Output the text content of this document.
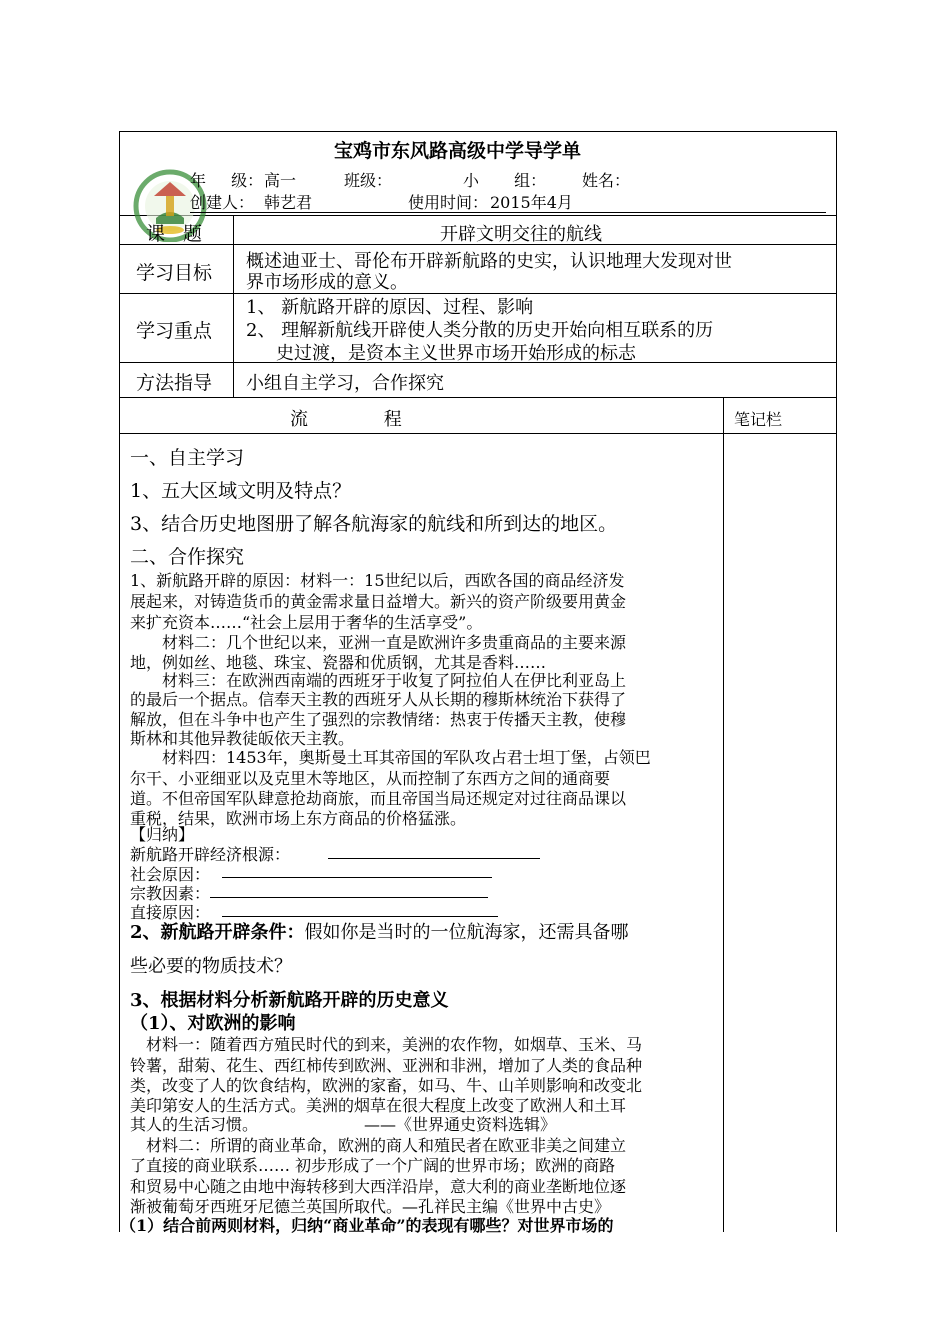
宝鸡市东风路高级中学导学单
年 级： 高一	班级：	小 组： 姓名：
创建人： 韩艺君	使用时间： 2015年4月
课 题	开辟文明交往的航线
学习目标
概述迪亚士、哥伦布开辟新航路的史实，认识地理大发现对世
界市场形成的意义。
学习重点
1、 新航路开辟的原因、过程、影响
2、 理解新航线开辟使人类分散的历史开始向相互联系的历
史过渡，是资本主义世界市场开始形成的标志
方法指导 小组自主学习，合作探究
流 程	笔记栏
一、自主学习
1、五大区域文明及特点？
3、结合历史地图册了解各航海家的航线和所到达的地区。
二、合作探究
1、新航路开辟的原因：材料一：15世纪以后，西欧各国的商品经济发
展起来，对铸造货币的黄金需求量日益增大。新兴的资产阶级要用黄金
来扩充资本……“社会上层用于奢华的生活享受”。
材料二：几个世纪以来，亚洲一直是欧洲许多贵重商品的主要来源
地，例如丝、地毯、珠宝、瓷器和优质钢，尤其是香料……
材料三：在欧洲西南端的西班牙于收复了阿拉伯人在伊比利亚岛上
的最后一个据点。信奉天主教的西班牙人从长期的穆斯林统治下获得了
解放，但在斗争中也产生了强烈的宗教情绪：热衷于传播天主教，使穆
斯林和其他异教徒皈依天主教。
材料四：1453年，奥斯曼土耳其帝国的军队攻占君士坦丁堡，占领巴
尔干、小亚细亚以及克里木等地区，从而控制了东西方之间的通商要
道。不但帝国军队肆意抢劫商旅，而且帝国当局还规定对过往商品课以
重税，结果，欧洲市场上东方商品的价格猛涨。
【归纳】
新航路开辟经济根源：
社会原因：
宗教因素：
直接原因：
2、新航路开辟条件：假如你是当时的一位航海家，还需具备哪
些必要的物质技术？
3、根据材料分析新航路开辟的历史意义
（1）、对欧洲的影响
材料一：随着西方殖民时代的到来，美洲的农作物，如烟草、玉米、马
铃薯，甜菊、花生、西红柿传到欧洲、亚洲和非洲，增加了人类的食品种
类，改变了人的饮食结构，欧洲的家畜，如马、牛、山羊则影响和改变北
美印第安人的生活方式。美洲的烟草在很大程度上改变了欧洲人和土耳
其人的生活习惯。	——《世界通史资料选辑》
材料二：所谓的商业革命，欧洲的商人和殖民者在欧亚非美之间建立
了直接的商业联系…… 初步形成了一个广阔的世界市场；欧洲的商路
和贸易中心随之由地中海转移到大西洋沿岸，意大利的商业垄断地位逐
渐被葡萄牙西班牙尼德兰英国所取代。—孔祥民主编《世界中古史》
（1）结合前两则材料，归纳“商业革命”的表现有哪些？对世界市场的
